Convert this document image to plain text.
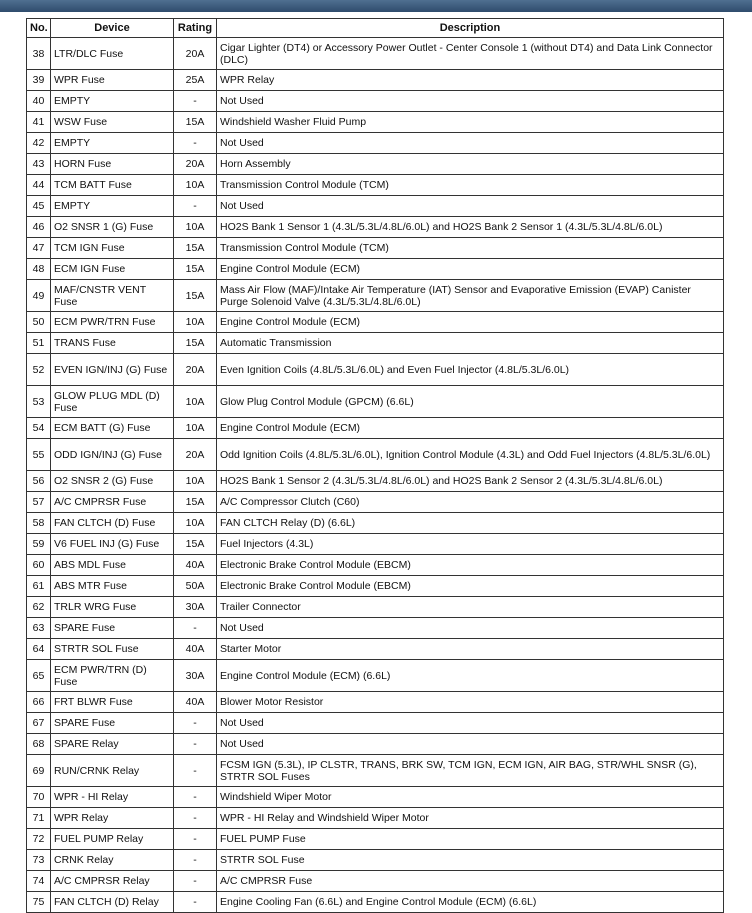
No.	Device	Rating	Description
38	LTR/DLC Fuse	20A	Cigar Lighter (DT4) or Accessory Power Outlet - Center Console 1 (without DT4) and Data Link Connector (DLC)
39	WPR Fuse	25A	WPR Relay
40	EMPTY	-	Not Used
41	WSW Fuse	15A	Windshield Washer Fluid Pump
42	EMPTY	-	Not Used
43	HORN Fuse	20A	Horn Assembly
44	TCM BATT Fuse	10A	Transmission Control Module (TCM)
45	EMPTY	-	Not Used
46	O2 SNSR 1 (G) Fuse	10A	HO2S Bank 1 Sensor 1 (4.3L/5.3L/4.8L/6.0L) and HO2S Bank 2 Sensor 1 (4.3L/5.3L/4.8L/6.0L)
47	TCM IGN Fuse	15A	Transmission Control Module (TCM)
48	ECM IGN Fuse	15A	Engine Control Module (ECM)
49	MAF/CNSTR VENT Fuse	15A	Mass Air Flow (MAF)/Intake Air Temperature (IAT) Sensor and Evaporative Emission (EVAP) Canister Purge Solenoid Valve (4.3L/5.3L/4.8L/6.0L)
50	ECM PWR/TRN Fuse	10A	Engine Control Module (ECM)
51	TRANS Fuse	15A	Automatic Transmission
52	EVEN IGN/INJ (G) Fuse	20A	Even Ignition Coils (4.8L/5.3L/6.0L) and Even Fuel Injector (4.8L/5.3L/6.0L)
53	GLOW PLUG MDL (D) Fuse	10A	Glow Plug Control Module (GPCM) (6.6L)
54	ECM BATT (G) Fuse	10A	Engine Control Module (ECM)
55	ODD IGN/INJ (G) Fuse	20A	Odd Ignition Coils (4.8L/5.3L/6.0L), Ignition Control Module (4.3L) and Odd Fuel Injectors (4.8L/5.3L/6.0L)
56	O2 SNSR 2 (G) Fuse	10A	HO2S Bank 1 Sensor 2 (4.3L/5.3L/4.8L/6.0L) and HO2S Bank 2 Sensor 2 (4.3L/5.3L/4.8L/6.0L)
57	A/C CMPRSR Fuse	15A	A/C Compressor Clutch (C60)
58	FAN CLTCH (D) Fuse	10A	FAN CLTCH Relay (D) (6.6L)
59	V6 FUEL INJ (G) Fuse	15A	Fuel Injectors (4.3L)
60	ABS MDL Fuse	40A	Electronic Brake Control Module (EBCM)
61	ABS MTR Fuse	50A	Electronic Brake Control Module (EBCM)
62	TRLR WRG Fuse	30A	Trailer Connector
63	SPARE Fuse	-	Not Used
64	STRTR SOL Fuse	40A	Starter Motor
65	ECM PWR/TRN (D) Fuse	30A	Engine Control Module (ECM) (6.6L)
66	FRT BLWR Fuse	40A	Blower Motor Resistor
67	SPARE Fuse	-	Not Used
68	SPARE Relay	-	Not Used
69	RUN/CRNK Relay	-	FCSM IGN (5.3L), IP CLSTR, TRANS, BRK SW, TCM IGN, ECM IGN, AIR BAG, STR/WHL SNSR (G), STRTR SOL Fuses
70	WPR - HI Relay	-	Windshield Wiper Motor
71	WPR Relay	-	WPR - HI Relay and Windshield Wiper Motor
72	FUEL PUMP Relay	-	FUEL PUMP Fuse
73	CRNK Relay	-	STRTR SOL Fuse
74	A/C CMPRSR Relay	-	A/C CMPRSR Fuse
75	FAN CLTCH (D) Relay	-	Engine Cooling Fan (6.6L) and Engine Control Module (ECM) (6.6L)
